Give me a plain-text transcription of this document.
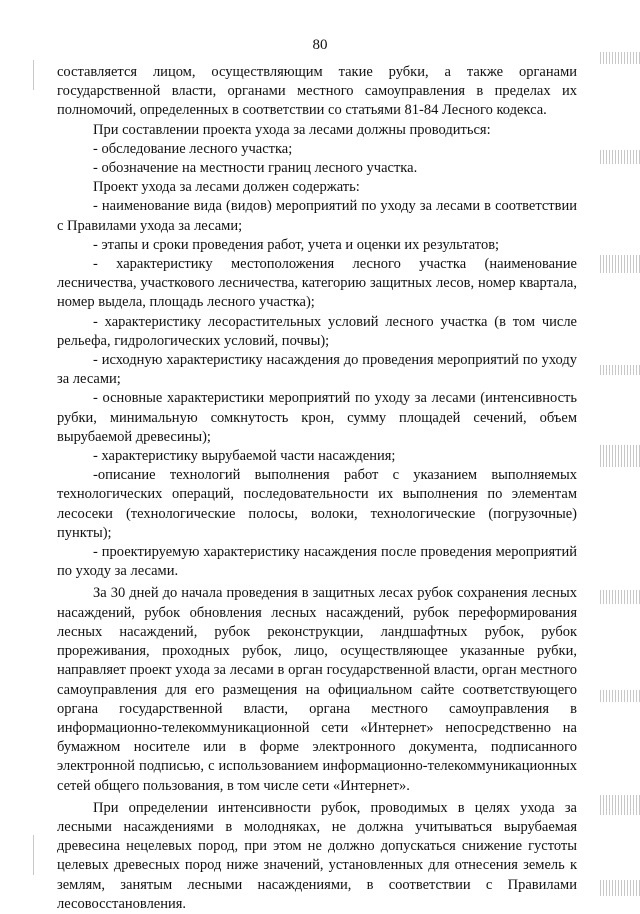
80

составляется лицом, осуществляющим такие рубки, а также органами государственной власти, органами местного самоуправления в пределах их полномочий, определенных в соответствии со статьями 81-84 Лесного кодекса.

При составлении проекта ухода за лесами должны проводиться:

- обследование лесного участка;

- обозначение на местности границ лесного участка.

Проект ухода за лесами должен содержать:

- наименование вида (видов) мероприятий по уходу за лесами в соответствии с Правилами ухода за лесами;

- этапы и сроки проведения работ, учета и оценки их результатов;

- характеристику местоположения лесного участка (наименование лесничества, участкового лесничества, категорию защитных лесов, номер квартала, номер выдела, площадь лесного участка);

- характеристику лесорастительных условий лесного участка (в том числе рельефа, гидрологических условий, почвы);

- исходную характеристику насаждения до проведения мероприятий по уходу за лесами;

- основные характеристики мероприятий по уходу за лесами (интенсивность рубки, минимальную сомкнутость крон, сумму площадей сечений, объем вырубаемой древесины);

- характеристику вырубаемой части насаждения;

-описание технологий выполнения работ с указанием выполняемых технологических операций, последовательности их выполнения по элементам лесосеки (технологические полосы, волоки, технологические (погрузочные) пункты);

- проектируемую характеристику насаждения после проведения мероприятий по уходу за лесами.

За 30 дней до начала проведения в защитных лесах рубок сохранения лесных насаждений, рубок обновления лесных насаждений, рубок переформирования лесных насаждений, рубок реконструкции, ландшафтных рубок, рубок прореживания, проходных рубок, лицо, осуществляющее указанные рубки, направляет проект ухода за лесами в орган государственной власти, орган местного самоуправления для его размещения на официальном сайте соответствующего органа государственной власти, органа местного самоуправления в информационно-телекоммуникационной сети «Интернет» непосредственно на бумажном носителе или в форме электронного документа, подписанного электронной подписью, с использованием информационно-телекоммуникационных сетей общего пользования, в том числе сети «Интернет».

При определении интенсивности рубок, проводимых в целях ухода за лесными насаждениями в молодняках, не должна учитываться вырубаемая древесина нецелевых пород, при этом не должно допускаться снижение густоты целевых древесных пород ниже значений, установленных для отнесения земель к землям, занятым лесными насаждениями, в соответствии с Правилами лесовосстановления.
